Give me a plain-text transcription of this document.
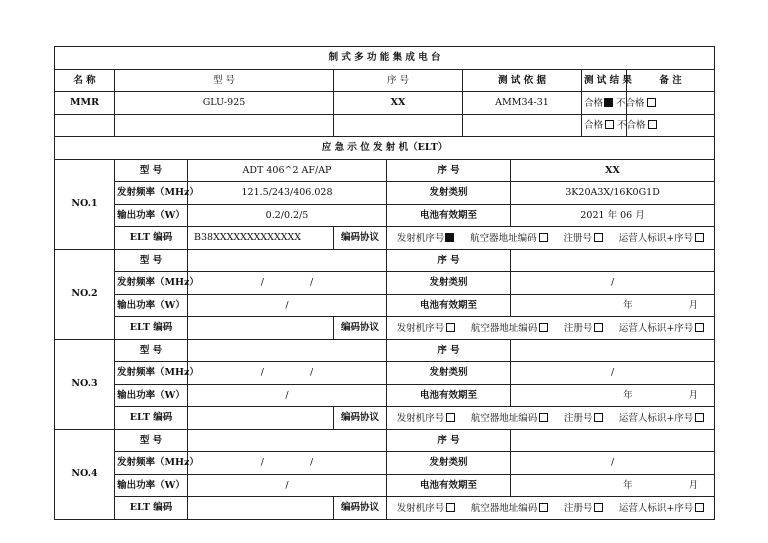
制 式 多 功 能 集 成 电 台								
名 称	型 号		序 号		测 试 依 据		测 试 结 果	备 注
MMR	GLU-925		XX		AMM34-31		合格 不合格	
							合格 不合格	
应 急 示 位 发 射 机（ELT）								
NO.1	型 号	ADT 406^2 AF/AP		序 号		XX		
	发射频率（MHz）	121.5/243/406.028		发射类别		3K20A3X/16K0G1D		
	输出功率（W）	0.2/0.2/5		电池有效期至		2021 年 06 月		
	ELT 编码	B38XXXXXXXXXXXXX	编码协议	发射机序号 航空器地址编码 注册号 运营人标识+序号				

NO.2	型 号			序 号				
	发射频率（MHz）	/ /		发射类别		/		
	输出功率（W）	/		电池有效期至		年 月		

	ELT 编码		编码协议	发射机序号 航空器地址编码 注册号 运营人标识+序号				

NO.3	型 号			序 号				
	发射频率（MHz）	/ /		发射类别		/		
	输出功率（W）	/		电池有效期至		年 月		

	ELT 编码		编码协议	发射机序号 航空器地址编码 注册号 运营人标识+序号				

NO.4	型 号			序 号				
	发射频率（MHz）	/ /		发射类别		/		
	输出功率（W）	/		电池有效期至		年 月		

	ELT 编码		编码协议	发射机序号 航空器地址编码 注册号 运营人标识+序号				
